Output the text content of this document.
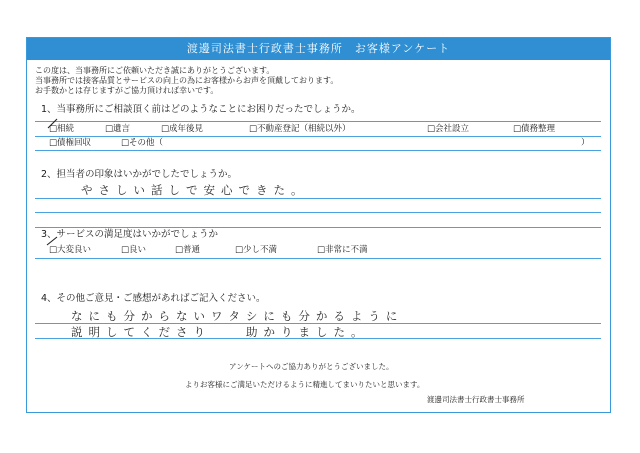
渡邊司法書士行政書士事務所　お客様アンケート
この度は、当事務所にご依頼いただき誠にありがとうございます。
当事務所では接客品質とサービスの向上の為にお客様からお声を頂戴しております。
お手数かとは存じますがご協力頂ければ幸いです。
1、当事務所にご相談頂く前はどのようなことにお困りだったでしょうか。
□相続	□遺言	□成年後見	□不動産登記（相続以外）	□会社設立	□債務整理
□債権回収	□その他（	）
2、担当者の印象はいかがでしたでしょうか。
やさしい話しで安心できた。
3、サービスの満足度はいかがでしょうか
□大変良い	□良い	□普通	□少し不満	□非常に不満
4、その他ご意見・ご感想があればご記入ください。
なにも分からないワタシにも分かるように
説明してくださり　　助かりました。
アンケートへのご協力ありがとうございました。
よりお客様にご満足いただけるように精進してまいりたいと思います。
渡邊司法書士行政書士事務所
